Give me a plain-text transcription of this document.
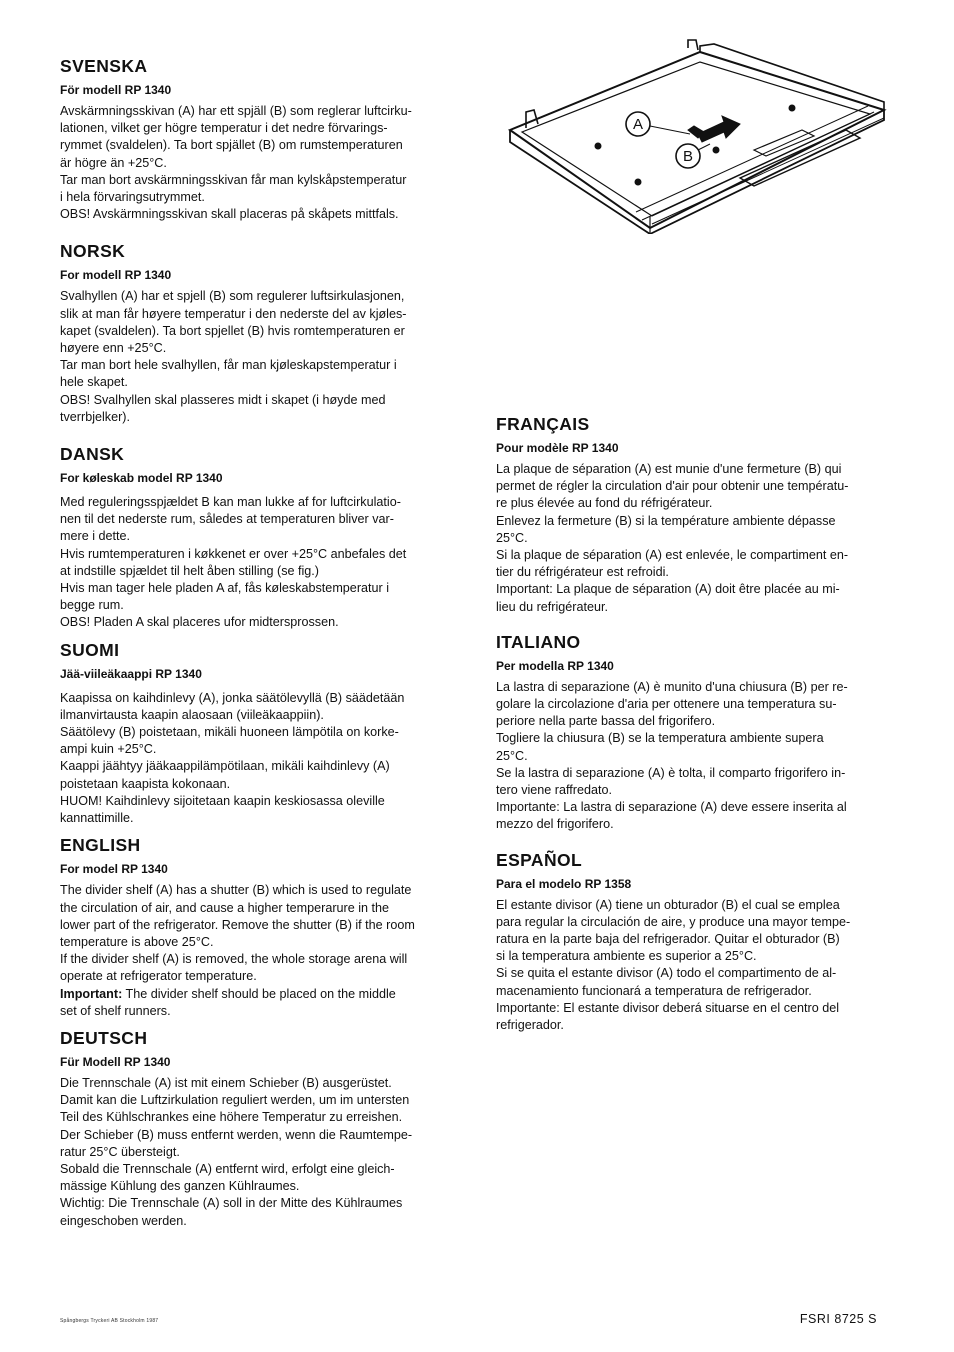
A
B
SVENSKA
För modell RP 1340

Avskärmningsskivan (A) har ett spjäll (B) som reglerar luftcirku-
lationen, vilket ger högre temperatur i det nedre förvarings-
rymmet (svaldelen). Ta bort spjället (B) om rumstemperaturen
är högre än +25°C.

Tar man bort avskärmningsskivan får man kylskåpstemperatur
i hela förvaringsutrymmet.

OBS! Avskärmningsskivan skall placeras på skåpets mittfals.

NORSK
For modell RP 1340

Svalhyllen (A) har et spjell (B) som regulerer luftsirkulasjonen,
slik at man får høyere temperatur i den nederste del av kjøles-
kapet (svaldelen). Ta bort spjellet (B) hvis romtemperaturen er
høyere enn +25°C.

Tar man bort hele svalhyllen, får man kjøleskapstemperatur i
hele skapet.

OBS! Svalhyllen skal plasseres midt i skapet (i høyde med
tverrbjelker).

DANSK
For køleskab model RP 1340

Med reguleringsspjældet B kan man lukke af for luftcirkulatio-
nen til det nederste rum, således at temperaturen bliver var-
mere i dette.

Hvis rumtemperaturen i køkkenet er over +25°C anbefales det
at indstille spjældet til helt åben stilling (se fig.)

Hvis man tager hele pladen A af, fås køleskabstemperatur i
begge rum.

OBS! Pladen A skal placeres ufor midtersprossen.

SUOMI
Jää-viileäkaappi RP 1340

Kaapissa on kaihdinlevy (A), jonka säätölevyllä (B) säädetään
ilmanvirtausta kaapin alaosaan (viileäkaappiin).

Säätölevy (B) poistetaan, mikäli huoneen lämpötila on korke-
ampi kuin +25°C.

Kaappi jäähtyy jääkaappilämpötilaan, mikäli kaihdinlevy (A)
poistetaan kaapista kokonaan.

HUOM! Kaihdinlevy sijoitetaan kaapin keskiosassa oleville
kannattimille.

ENGLISH
For model RP 1340

The divider shelf (A) has a shutter (B) which is used to regulate
the circulation of air, and cause a higher temperarure in the
lower part of the refrigerator. Remove the shutter (B) if the room
temperature is above 25°C.

If the divider shelf (A) is removed, the whole storage arena will
operate at refrigerator temperature.

Important: The divider shelf should be placed on the middle
set of shelf runners.

DEUTSCH
Für Modell RP 1340

Die Trennschale (A) ist mit einem Schieber (B) ausgerüstet.
Damit kan die Luftzirkulation reguliert werden, um im untersten
Teil des Kühlschrankes eine höhere Temperatur zu erreishen.
Der Schieber (B) muss entfernt werden, wenn die Raumtempe-
ratur 25°C übersteigt.

Sobald die Trennschale (A) entfernt wird, erfolgt eine gleich-
mässige Kühlung des ganzen Kühlraumes.

Wichtig: Die Trennschale (A) soll in der Mitte des Kühlraumes
eingeschoben werden.

FRANÇAIS
Pour modèle RP 1340

La plaque de séparation (A) est munie d'une fermeture (B) qui
permet de régler la circulation d'air pour obtenir une températu-
re plus élevée au fond du réfrigérateur.

Enlevez la fermeture (B) si la température ambiente dépasse
25°C.

Si la plaque de séparation (A) est enlevée, le compartiment en-
tier du réfrigérateur est refroidi.

Important: La plaque de séparation (A) doit être placée au mi-
lieu du refrigérateur.

ITALIANO
Per modella RP 1340

La lastra di separazione (A) è munito d'una chiusura (B) per re-
golare la circolazione d'aria per ottenere una temperatura su-
periore nella parte bassa del frigorifero.

Togliere la chiusura (B) se la temperatura ambiente supera
25°C.

Se la lastra di separazione (A) è tolta, il comparto frigorifero in-
tero viene raffredato.

Importante: La lastra di separazione (A) deve essere inserita al
mezzo del frigorifero.

ESPAÑOL
Para el modelo RP 1358

El estante divisor (A) tiene un obturador (B) el cual se emplea
para regular la circulación de aire, y produce una mayor tempe-
ratura en la parte baja del refrigerador. Quitar el obturador (B)
si la temperatura ambiente es superior a 25°C.

Si se quita el estante divisor (A) todo el compartimento de al-
macenamiento funcionará a temperatura de refrigerador.

Importante: El estante divisor deberá situarse en el centro del
refrigerador.

Spångbergs Tryckeri AB Stockholm 1987	FSRI 8725 S
